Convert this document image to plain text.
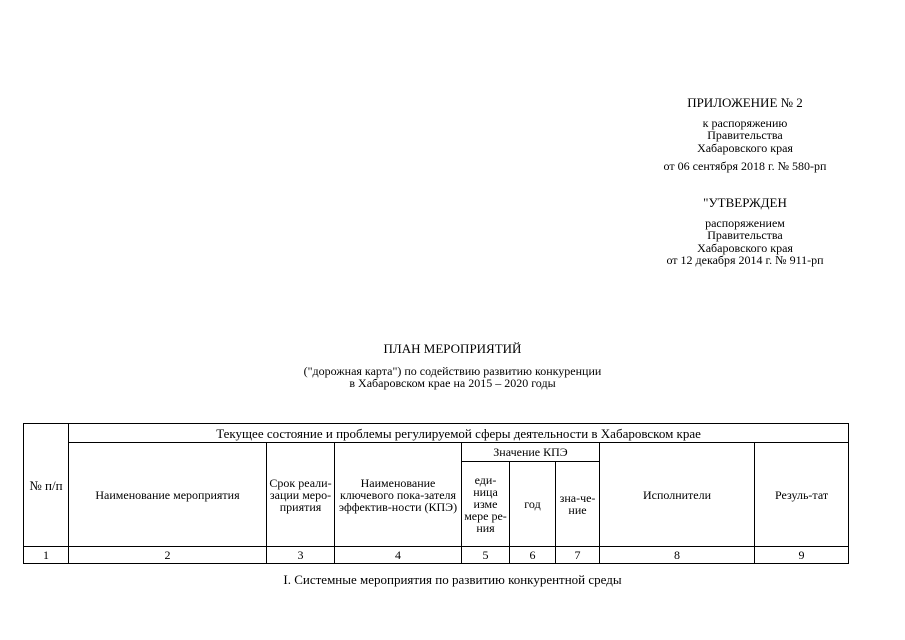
ПРИЛОЖЕНИЕ № 2
к распоряжению
Правительства
Хабаровского края
от 06 сентября 2018 г. № 580-рп
"УТВЕРЖДЕН
распоряжением
Правительства
Хабаровского края
от 12 декабря 2014 г. № 911-рп
ПЛАН МЕРОПРИЯТИЙ
("дорожная карта") по содействию развитию конкуренции
в Хабаровском крае на 2015 – 2020 годы
№ п/п	Текущее состояние и проблемы регулируемой сферы деятельности в Хабаровском крае							
	Наименование мероприятия	Срок реали-зации меро-приятия	Наименование ключевого пока-зателя эффектив-ности (КПЭ)	Значение КПЭ			Исполнители	Резуль-тат
				еди-ница изме мере ре-ния	год	зна-че-ние		
1	2	3	4	5	6	7	8	9
I. Системные мероприятия по развитию конкурентной среды
